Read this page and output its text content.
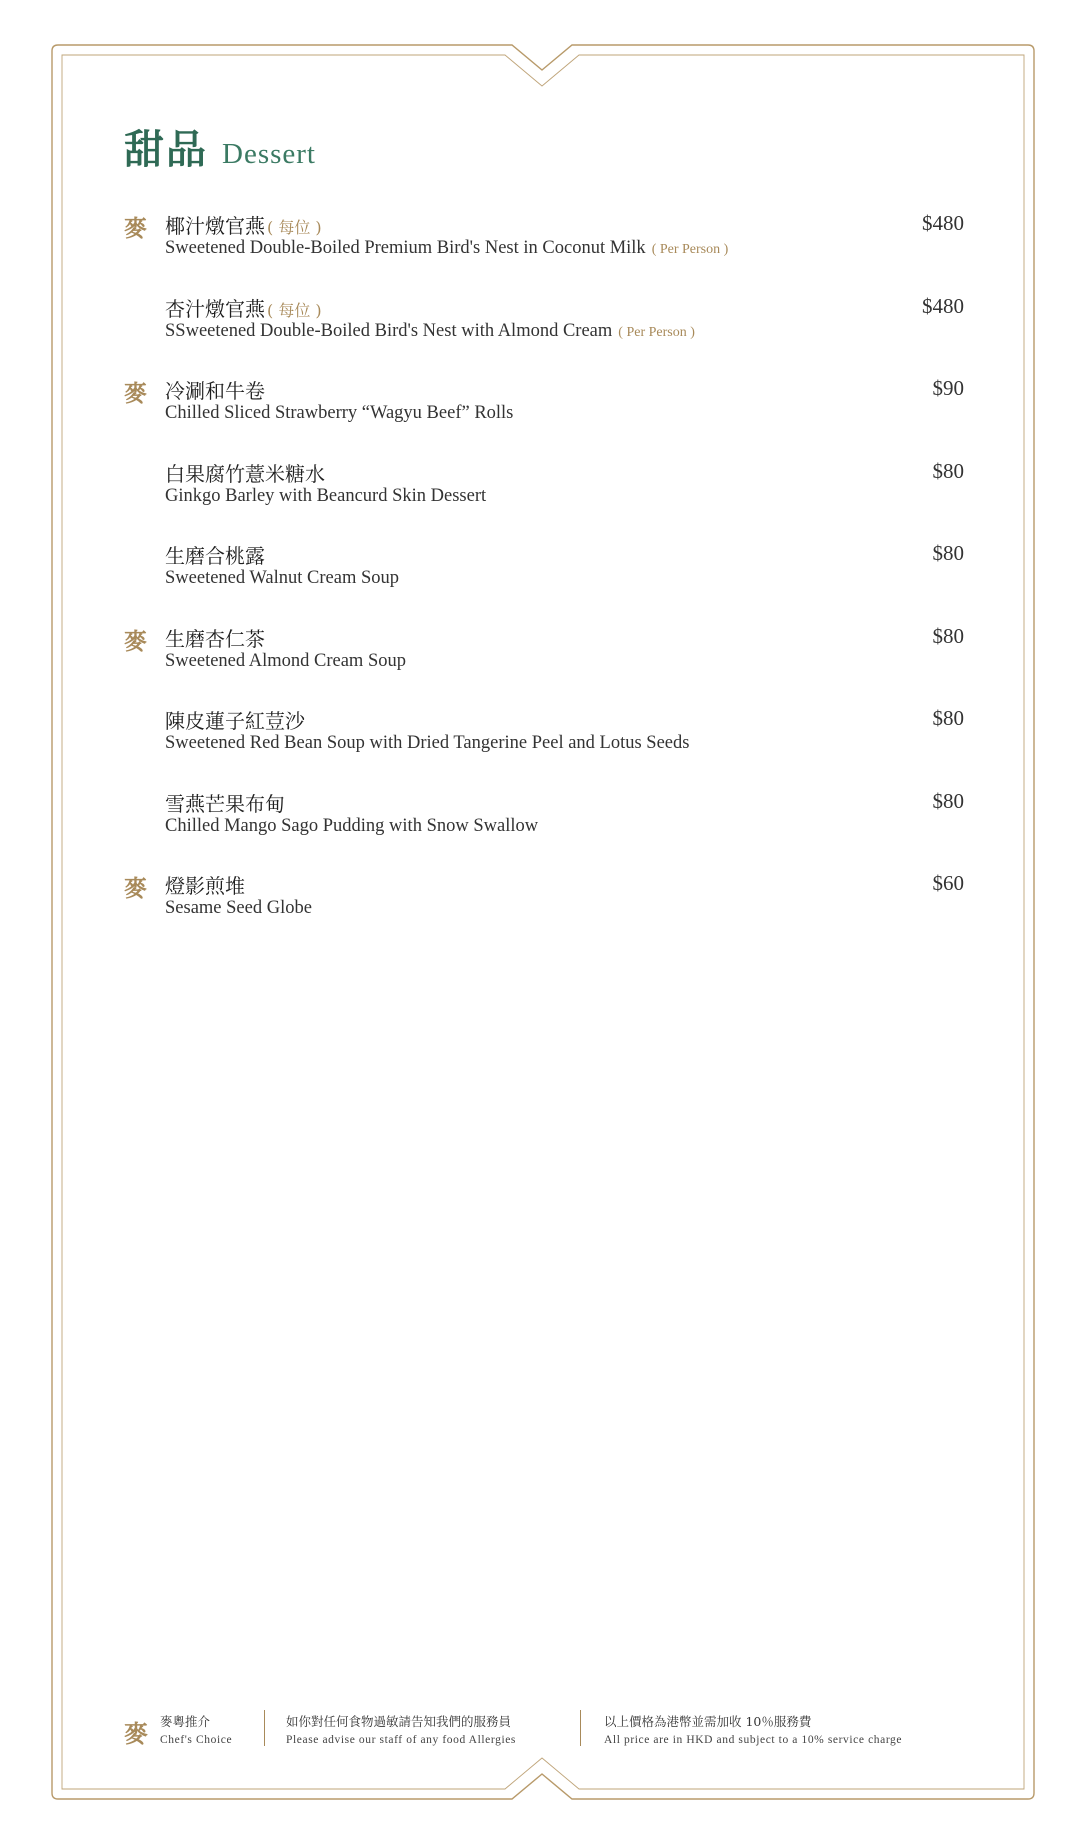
甜品 Dessert
麥 椰汁燉官燕 ( 每位 )
Sweetened Double-Boiled Premium Bird's Nest in Coconut Milk ( Per Person )
$480
杏汁燉官燕 ( 每位 )
SSweetened Double-Boiled Bird's Nest with Almond Cream ( Per Person )
$480
麥 冷涮和牛卷
Chilled Sliced Strawberry “Wagyu Beef” Rolls
$90
白果腐竹薏米糖水
Ginkgo Barley with Beancurd Skin Dessert
$80
生磨合桃露
Sweetened Walnut Cream Soup
$80
麥 生磨杏仁茶
Sweetened Almond Cream Soup
$80
陳皮蓮子紅荳沙
Sweetened Red Bean Soup with Dried Tangerine Peel and Lotus Seeds
$80
雪燕芒果布甸
Chilled Mango Sago Pudding with Snow Swallow
$80
麥 燈影煎堆
Sesame Seed Globe
$60
麥 麥粵推介
Chef's Choice
如你對任何食物過敏請告知我們的服務員
Please advise our staff of any food Allergies
以上價格為港幣並需加收 10％服務費
All price are in HKD and subject to a 10% service charge
